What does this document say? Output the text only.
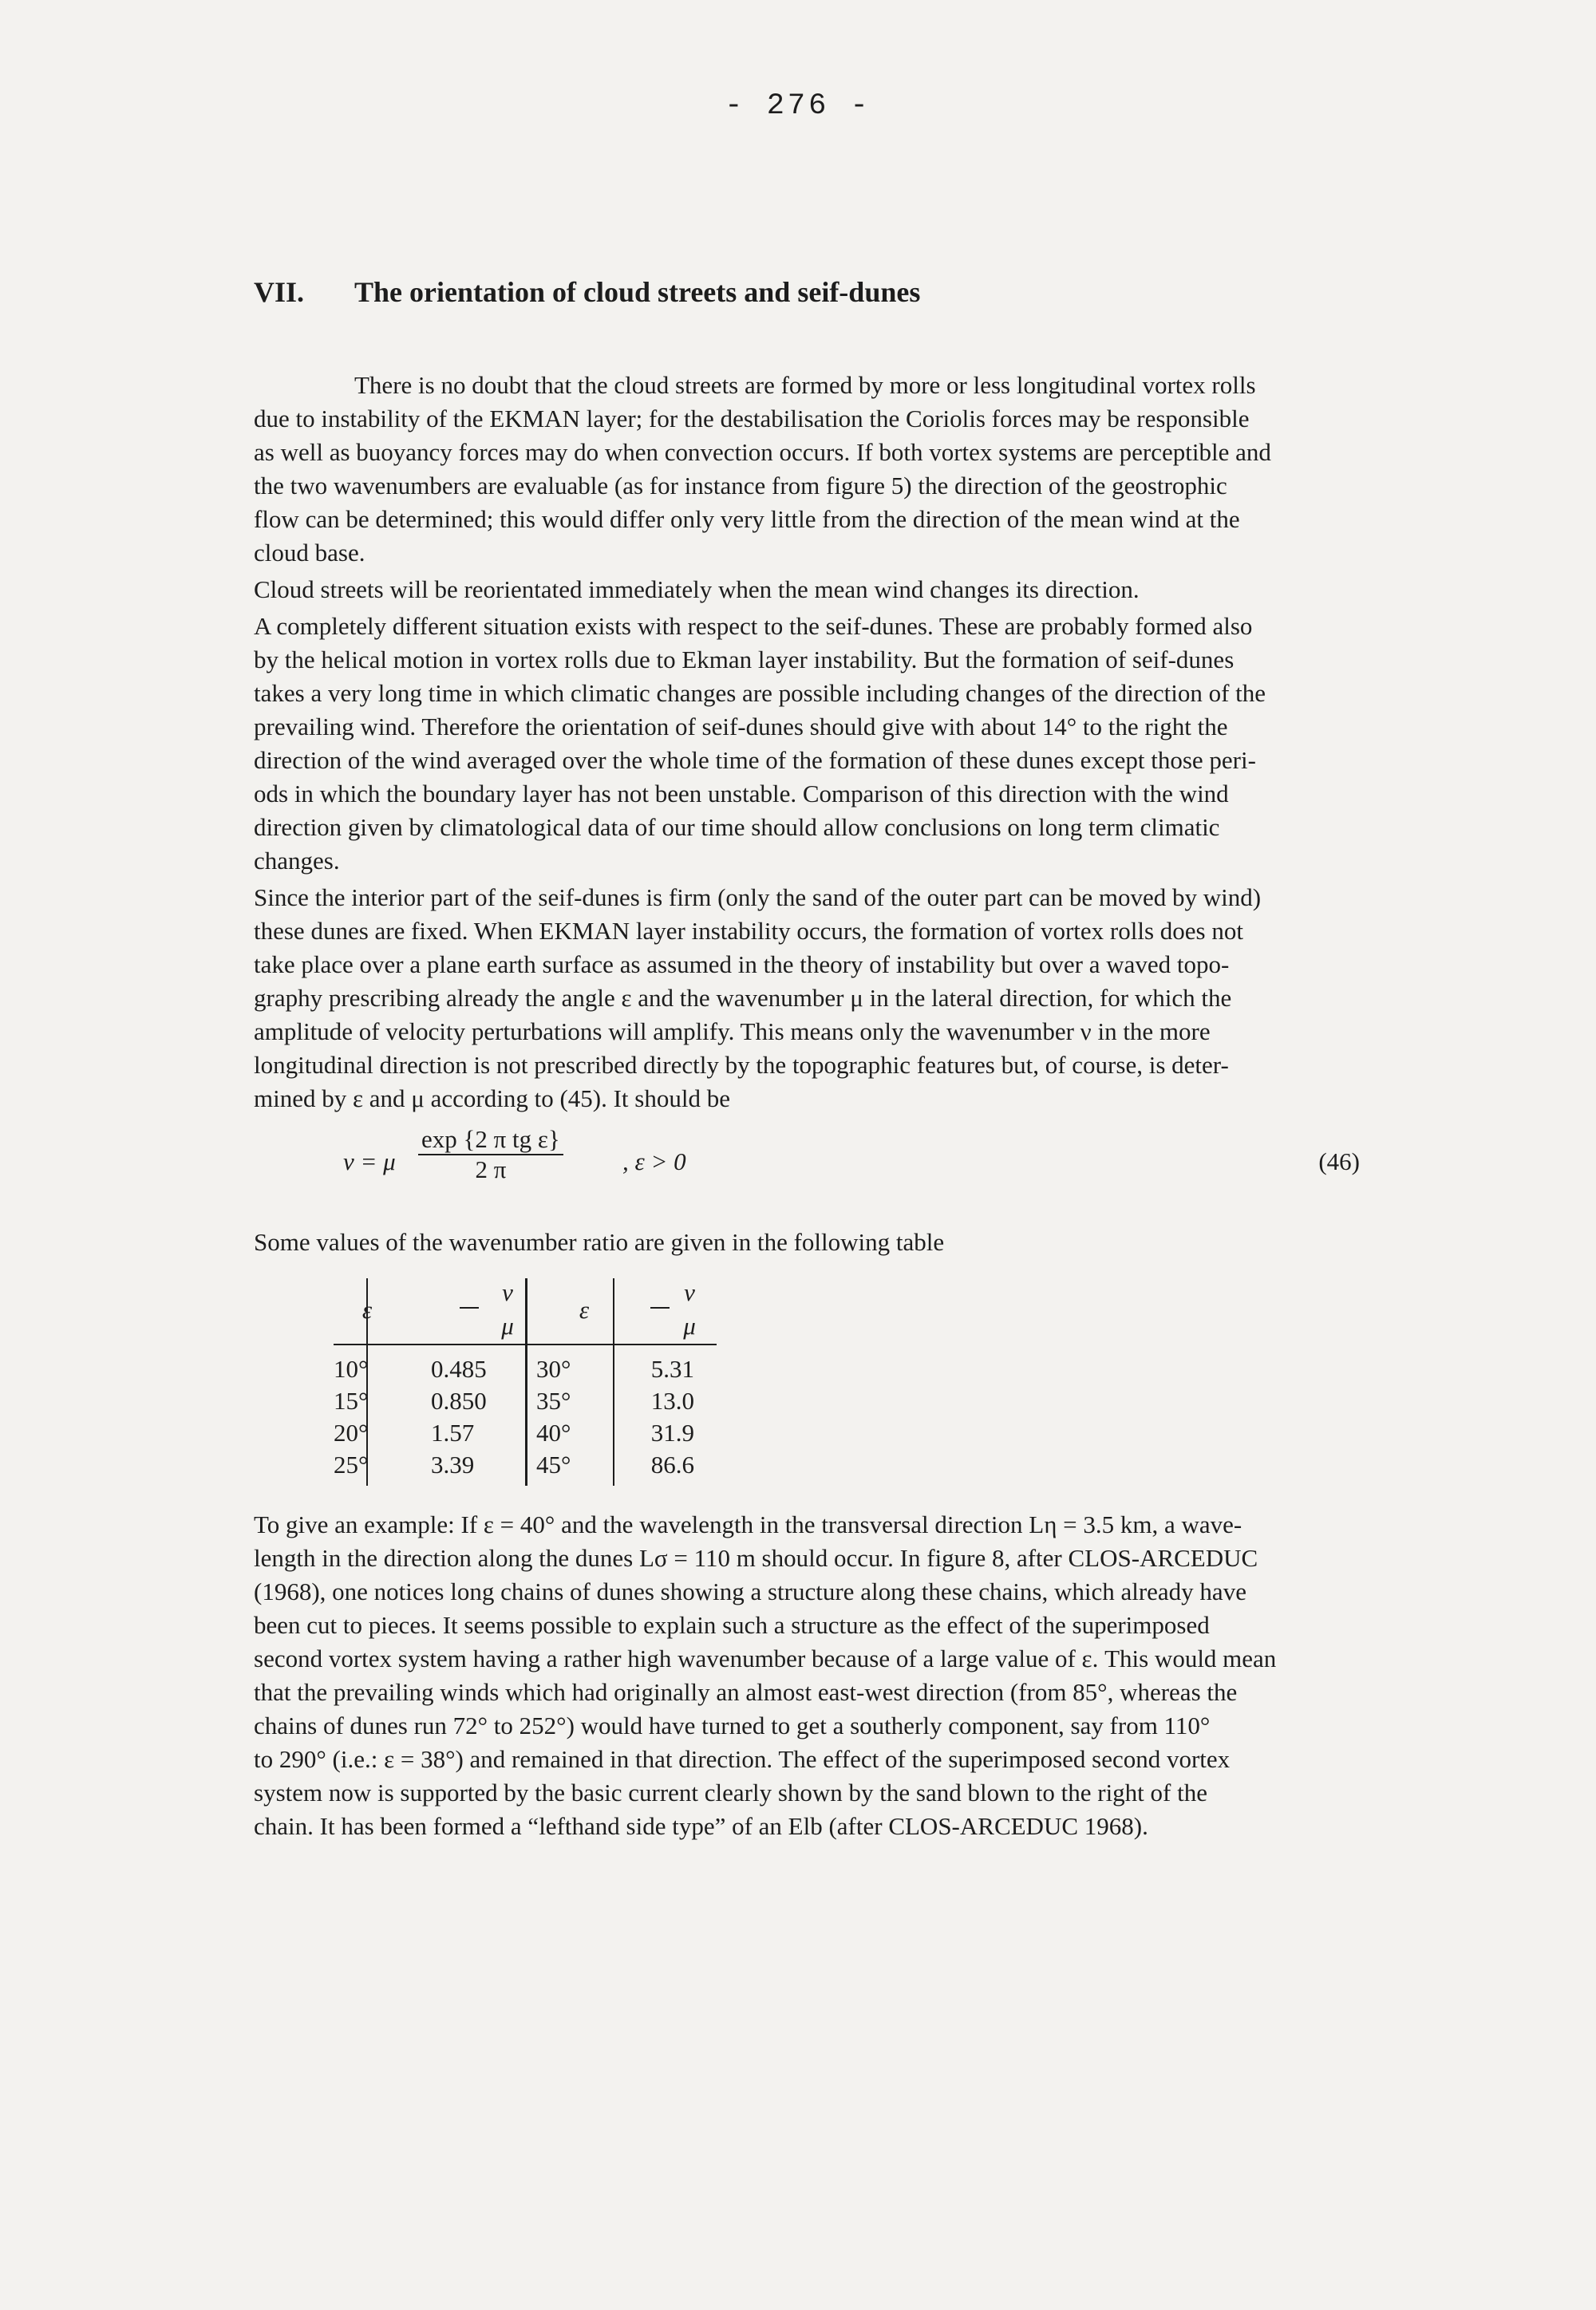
- 276 -
VII. The orientation of cloud streets and seif-dunes

There is no doubt that the cloud streets are formed by more or less longitudinal vortex rolls
due to instability of the EKMAN layer; for the destabilisation the Coriolis forces may be responsible
as well as buoyancy forces may do when convection occurs. If both vortex systems are perceptible and
the two wavenumbers are evaluable (as for instance from figure 5) the direction of the geostrophic
flow can be determined; this would differ only very little from the direction of the mean wind at the
cloud base.

Cloud streets will be reorientated immediately when the mean wind changes its direction.

A completely different situation exists with respect to the seif-dunes. These are probably formed also
by the helical motion in vortex rolls due to Ekman layer instability. But the formation of seif-dunes
takes a very long time in which climatic changes are possible including changes of the direction of the
prevailing wind. Therefore the orientation of seif-dunes should give with about 14° to the right the
direction of the wind averaged over the whole time of the formation of these dunes except those peri-
ods in which the boundary layer has not been unstable. Comparison of this direction with the wind
direction given by climatological data of our time should allow conclusions on long term climatic
changes.

Since the interior part of the seif-dunes is firm (only the sand of the outer part can be moved by wind)
these dunes are fixed. When EKMAN layer instability occurs, the formation of vortex rolls does not
take place over a plane earth surface as assumed in the theory of instability but over a waved topo-
graphy prescribing already the angle ε and the wavenumber μ in the lateral direction, for which the
amplitude of velocity perturbations will amplify. This means only the wavenumber ν in the more
longitudinal direction is not prescribed directly by the topographic features but, of course, is deter-
mined by ε and μ according to (45). It should be

ν = μ $\frac{\text{exp \{2 π tg ε\}}}{2 \pi}$ , ε > 0	(46)

Some values of the wavenumber ratio are given in the following table

ε
10°
15°
20°
25°
ν
μ
0.485
0.850
1.57
3.39
ε
30°
35°
40°
45°
ν
μ
5.31
13.0
31.9
86.6

To give an example: If ε = 40° and the wavelength in the transversal direction Lη = 3.5 km, a wave-
length in the direction along the dunes Lσ = 110 m should occur. In figure 8, after CLOS-ARCEDUC
(1968), one notices long chains of dunes showing a structure along these chains, which already have
been cut to pieces. It seems possible to explain such a structure as the effect of the superimposed
second vortex system having a rather high wavenumber because of a large value of ε. This would mean
that the prevailing winds which had originally an almost east-west direction (from 85°, whereas the
chains of dunes run 72° to 252°) would have turned to get a southerly component, say from 110°
to 290° (i.e.: ε = 38°) and remained in that direction. The effect of the superimposed second vortex
system now is supported by the basic current clearly shown by the sand blown to the right of the
chain. It has been formed a “lefthand side type” of an Elb (after CLOS-ARCEDUC 1968).
